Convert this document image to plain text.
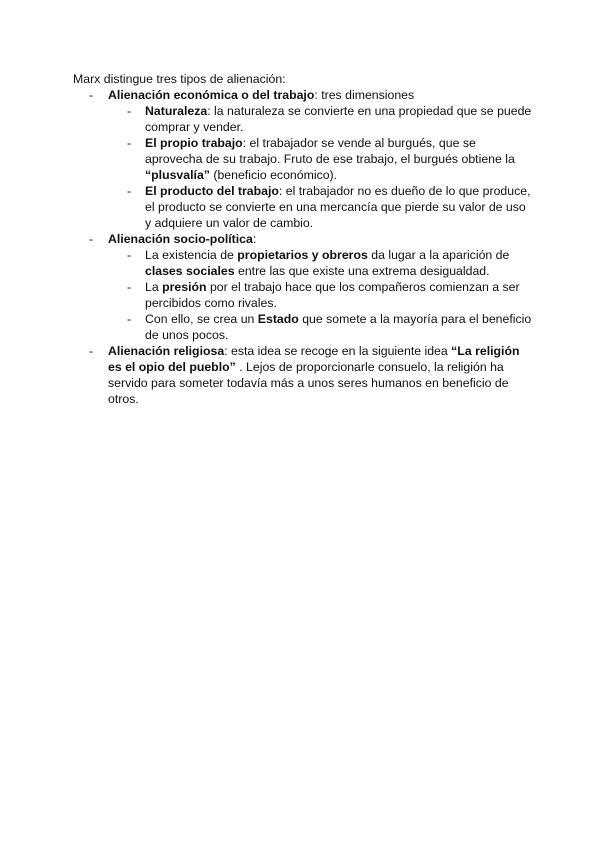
Marx distingue tres tipos de alienación:

- Alienación económica o del trabajo: tres dimensiones
- Naturaleza: la naturaleza se convierte en una propiedad que se puede comprar y vender.
- El propio trabajo: el trabajador se vende al burgués, que se aprovecha de su trabajo. Fruto de ese trabajo, el burgués obtiene la “plusvalía” (beneficio económico).
- El producto del trabajo: el trabajador no es dueño de lo que produce, el producto se convierte en una mercancía que pierde su valor de uso y adquiere un valor de cambio.
- Alienación socio-política:
- La existencia de propietarios y obreros da lugar a la aparición de clases sociales entre las que existe una extrema desigualdad.
- La presión por el trabajo hace que los compañeros comienzan a ser percibidos como rivales.
- Con ello, se crea un Estado que somete a la mayoría para el beneficio de unos pocos.
- Alienación religiosa: esta idea se recoge en la siguiente idea “La religión es el opio del pueblo” . Lejos de proporcionarle consuelo, la religión ha servido para someter todavía más a unos seres humanos en beneficio de otros.
